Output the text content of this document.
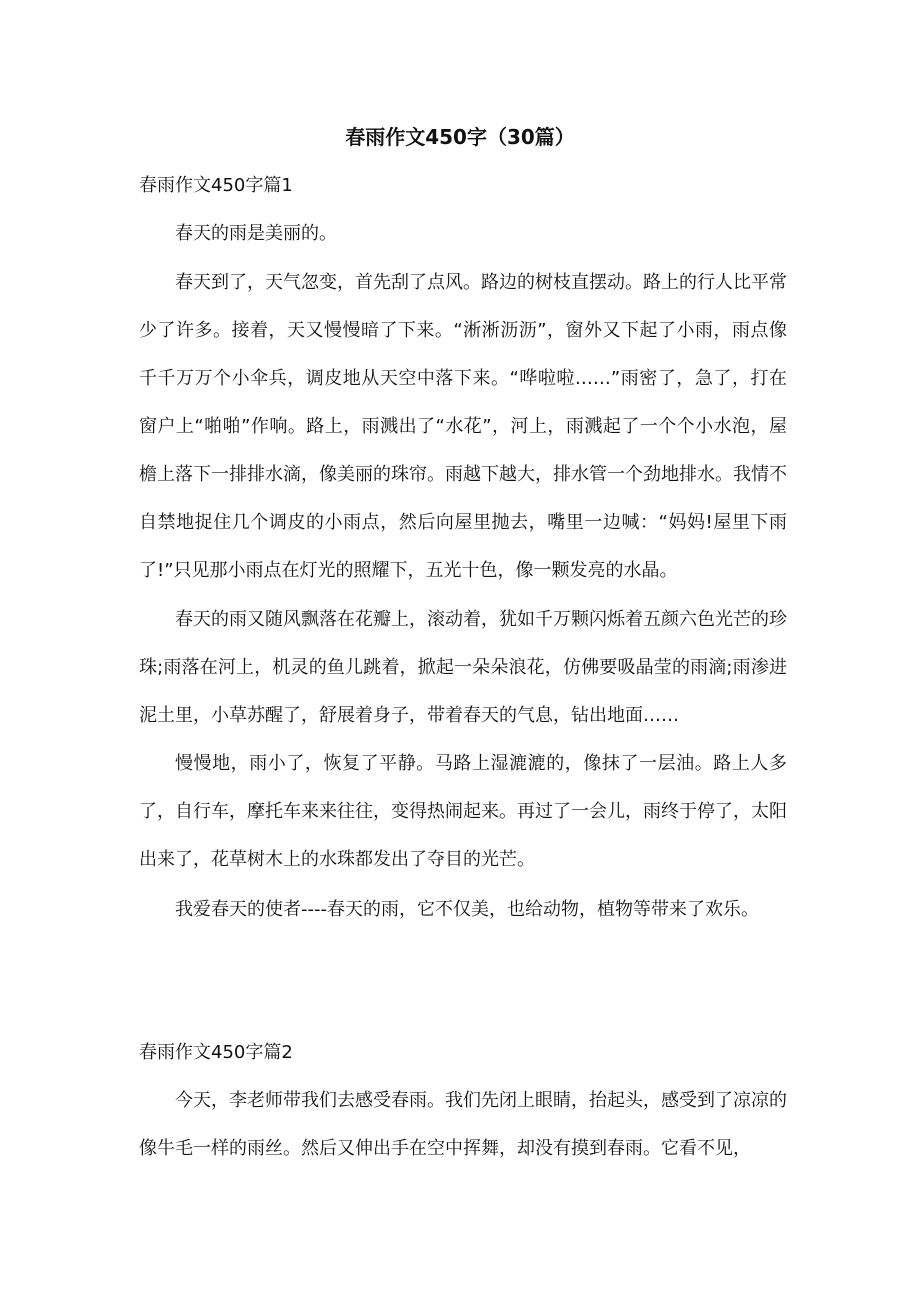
春雨作文450字（30篇）
春雨作文450字篇1

春天的雨是美丽的。

春天到了，天气忽变，首先刮了点风。路边的树枝直摆动。路上的行人比平常少了许多。接着，天又慢慢暗了下来。“淅淅沥沥”，窗外又下起了小雨，雨点像千千万万个小伞兵，调皮地从天空中落下来。“哗啦啦……”雨密了，急了，打在窗户上“啪啪”作响。路上，雨溅出了“水花”，河上，雨溅起了一个个小水泡，屋檐上落下一排排水滴，像美丽的珠帘。雨越下越大，排水管一个劲地排水。我情不自禁地捉住几个调皮的小雨点，然后向屋里抛去，嘴里一边喊：“妈妈!屋里下雨了!”只见那小雨点在灯光的照耀下，五光十色，像一颗发亮的水晶。

春天的雨又随风飘落在花瓣上，滚动着，犹如千万颗闪烁着五颜六色光芒的珍珠;雨落在河上，机灵的鱼儿跳着，掀起一朵朵浪花，仿佛要吸晶莹的雨滴;雨渗进泥土里，小草苏醒了，舒展着身子，带着春天的气息，钻出地面……

慢慢地，雨小了，恢复了平静。马路上湿漉漉的，像抹了一层油。路上人多了，自行车，摩托车来来往往，变得热闹起来。再过了一会儿，雨终于停了，太阳出来了，花草树木上的水珠都发出了夺目的光芒。

我爱春天的使者----春天的雨，它不仅美，也给动物，植物等带来了欢乐。

春雨作文450字篇2

今天，李老师带我们去感受春雨。我们先闭上眼睛，抬起头，感受到了凉凉的像牛毛一样的雨丝。然后又伸出手在空中挥舞，却没有摸到春雨。它看不见，
